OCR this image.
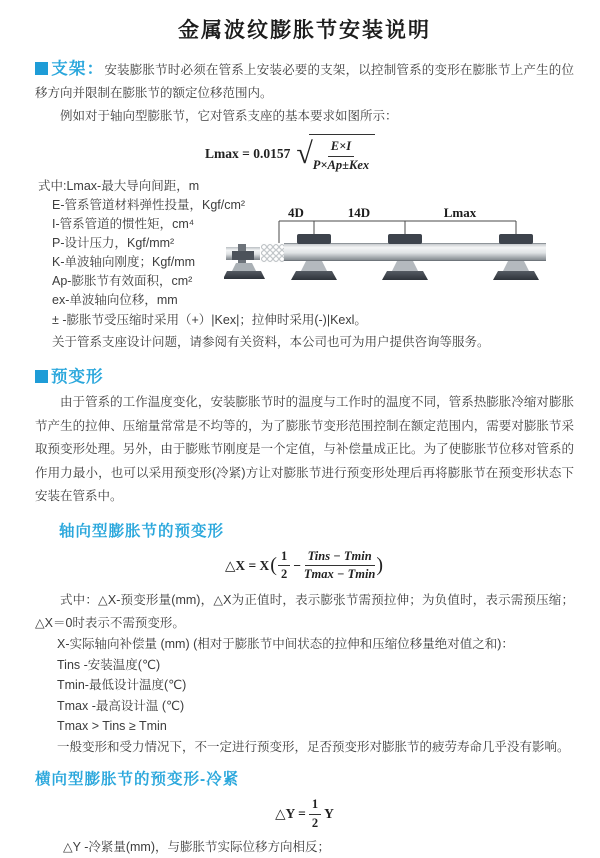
金属波纹膨胀节安装说明

支架：安装膨胀节时必须在管系上安装必要的支架，以控制管系的变形在膨胀节上产生的位移方向并限制在膨胀节的额定位移范围内。

例如对于轴向型膨胀节，它对管系支座的基本要求如图所示：

Lmax = 0.0157 √ $\frac{E\times I}{\text{P×Ap±Kex}}$
式中:Lmax-最大导向间距，m
E-管系管道材料弹性投量，Kgf/cm²
I-管系管道的惯性矩，cm⁴
P-设计压力，Kgf/mm²
K-单波轴向刚度；Kgf/mm
Ap-膨胀节有效面积，cm²
ex-单波轴向位移，mm
4D	14D	Lmax
± -膨胀节受压缩时采用（+）|Kex|；拉伸时采用(-)|Kexl。
关于管系支座设计问题，请参阅有关资料，本公司也可为用户提供咨询等服务。
预变形

由于管系的工作温度变化，安装膨胀节时的温度与工作时的温度不同，管系热膨胀冷缩对膨胀节产生的拉伸、压缩量常常是不均等的，为了膨胀节变形范围控制在额定范围内，需要对膨胀节采取预变形处理。另外，由于膨账节刚度是一个定值，与补偿量成正比。为了使膨胀节位移对管系的作用力最小，也可以采用预变形(冷紧)方让对膨胀节进行预变形处理后再将膨胀节在预变形状态下安装在管系中。

轴向型膨胀节的预变形
△X = X ( $\frac{1}{2} - \frac{\text{Tins − Tmin}}{Tmax - Tmin}$ )

式中：△X-预变形量(mm)，△X为正值时，表示膨张节需预拉伸；为负值时，表示需预压缩；△X＝0时表示不需预变形。

X-实际轴向补偿量 (mm) (相对于膨胀节中间状态的拉伸和压缩位移量绝对值之和)：
Tins -安装温度(℃)
Tmin-最低设计温度(℃)
Tmax -最高设计温 (℃)
Tmax > Tins ≥ Tmin
一般变形和受力情况下，不一定进行预变形，足否预变形对膨胀节的疲劳寿命几乎没有影响。
横向型膨胀节的预变形-冷紧
△Y = $\frac{1}{2}$ Y
△Y -冷紧量(mm)，与膨胀节实际位移方向相反；
